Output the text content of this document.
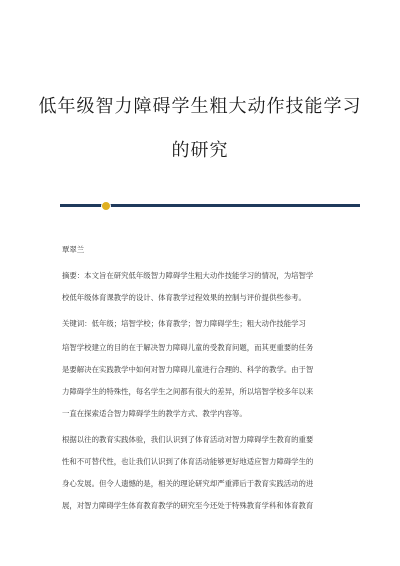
低年级智力障碍学生粗大动作技能学习
的研究
覃翠兰
摘要：本文旨在研究低年级智力障碍学生粗大动作技能学习的情况，为培智学
校低年级体育课教学的设计、体育教学过程效果的控制与评价提供些参考。
关键词：低年级；培智学校；体育教学；智力障碍学生；粗大动作技能学习
培智学校建立的目的在于解决智力障碍儿童的受教育问题，而其更重要的任务
是要解决在实践教学中如何对智力障碍儿童进行合理的、科学的教学。由于智
力障碍学生的特殊性，每名学生之间都有很大的差异，所以培智学校多年以来
一直在探索适合智力障碍学生的教学方式、教学内容等。
根据以往的教育实践体验，我们认识到了体育活动对智力障碍学生教育的重要
性和不可替代性，也让我们认识到了体育活动能够更好地适应智力障碍学生的
身心发展。但令人遗憾的是，相关的理论研究却严重滞后于教育实践活动的进
展，对智力障碍学生体育教育教学的研究至今还处于特殊教育学科和体育教育
